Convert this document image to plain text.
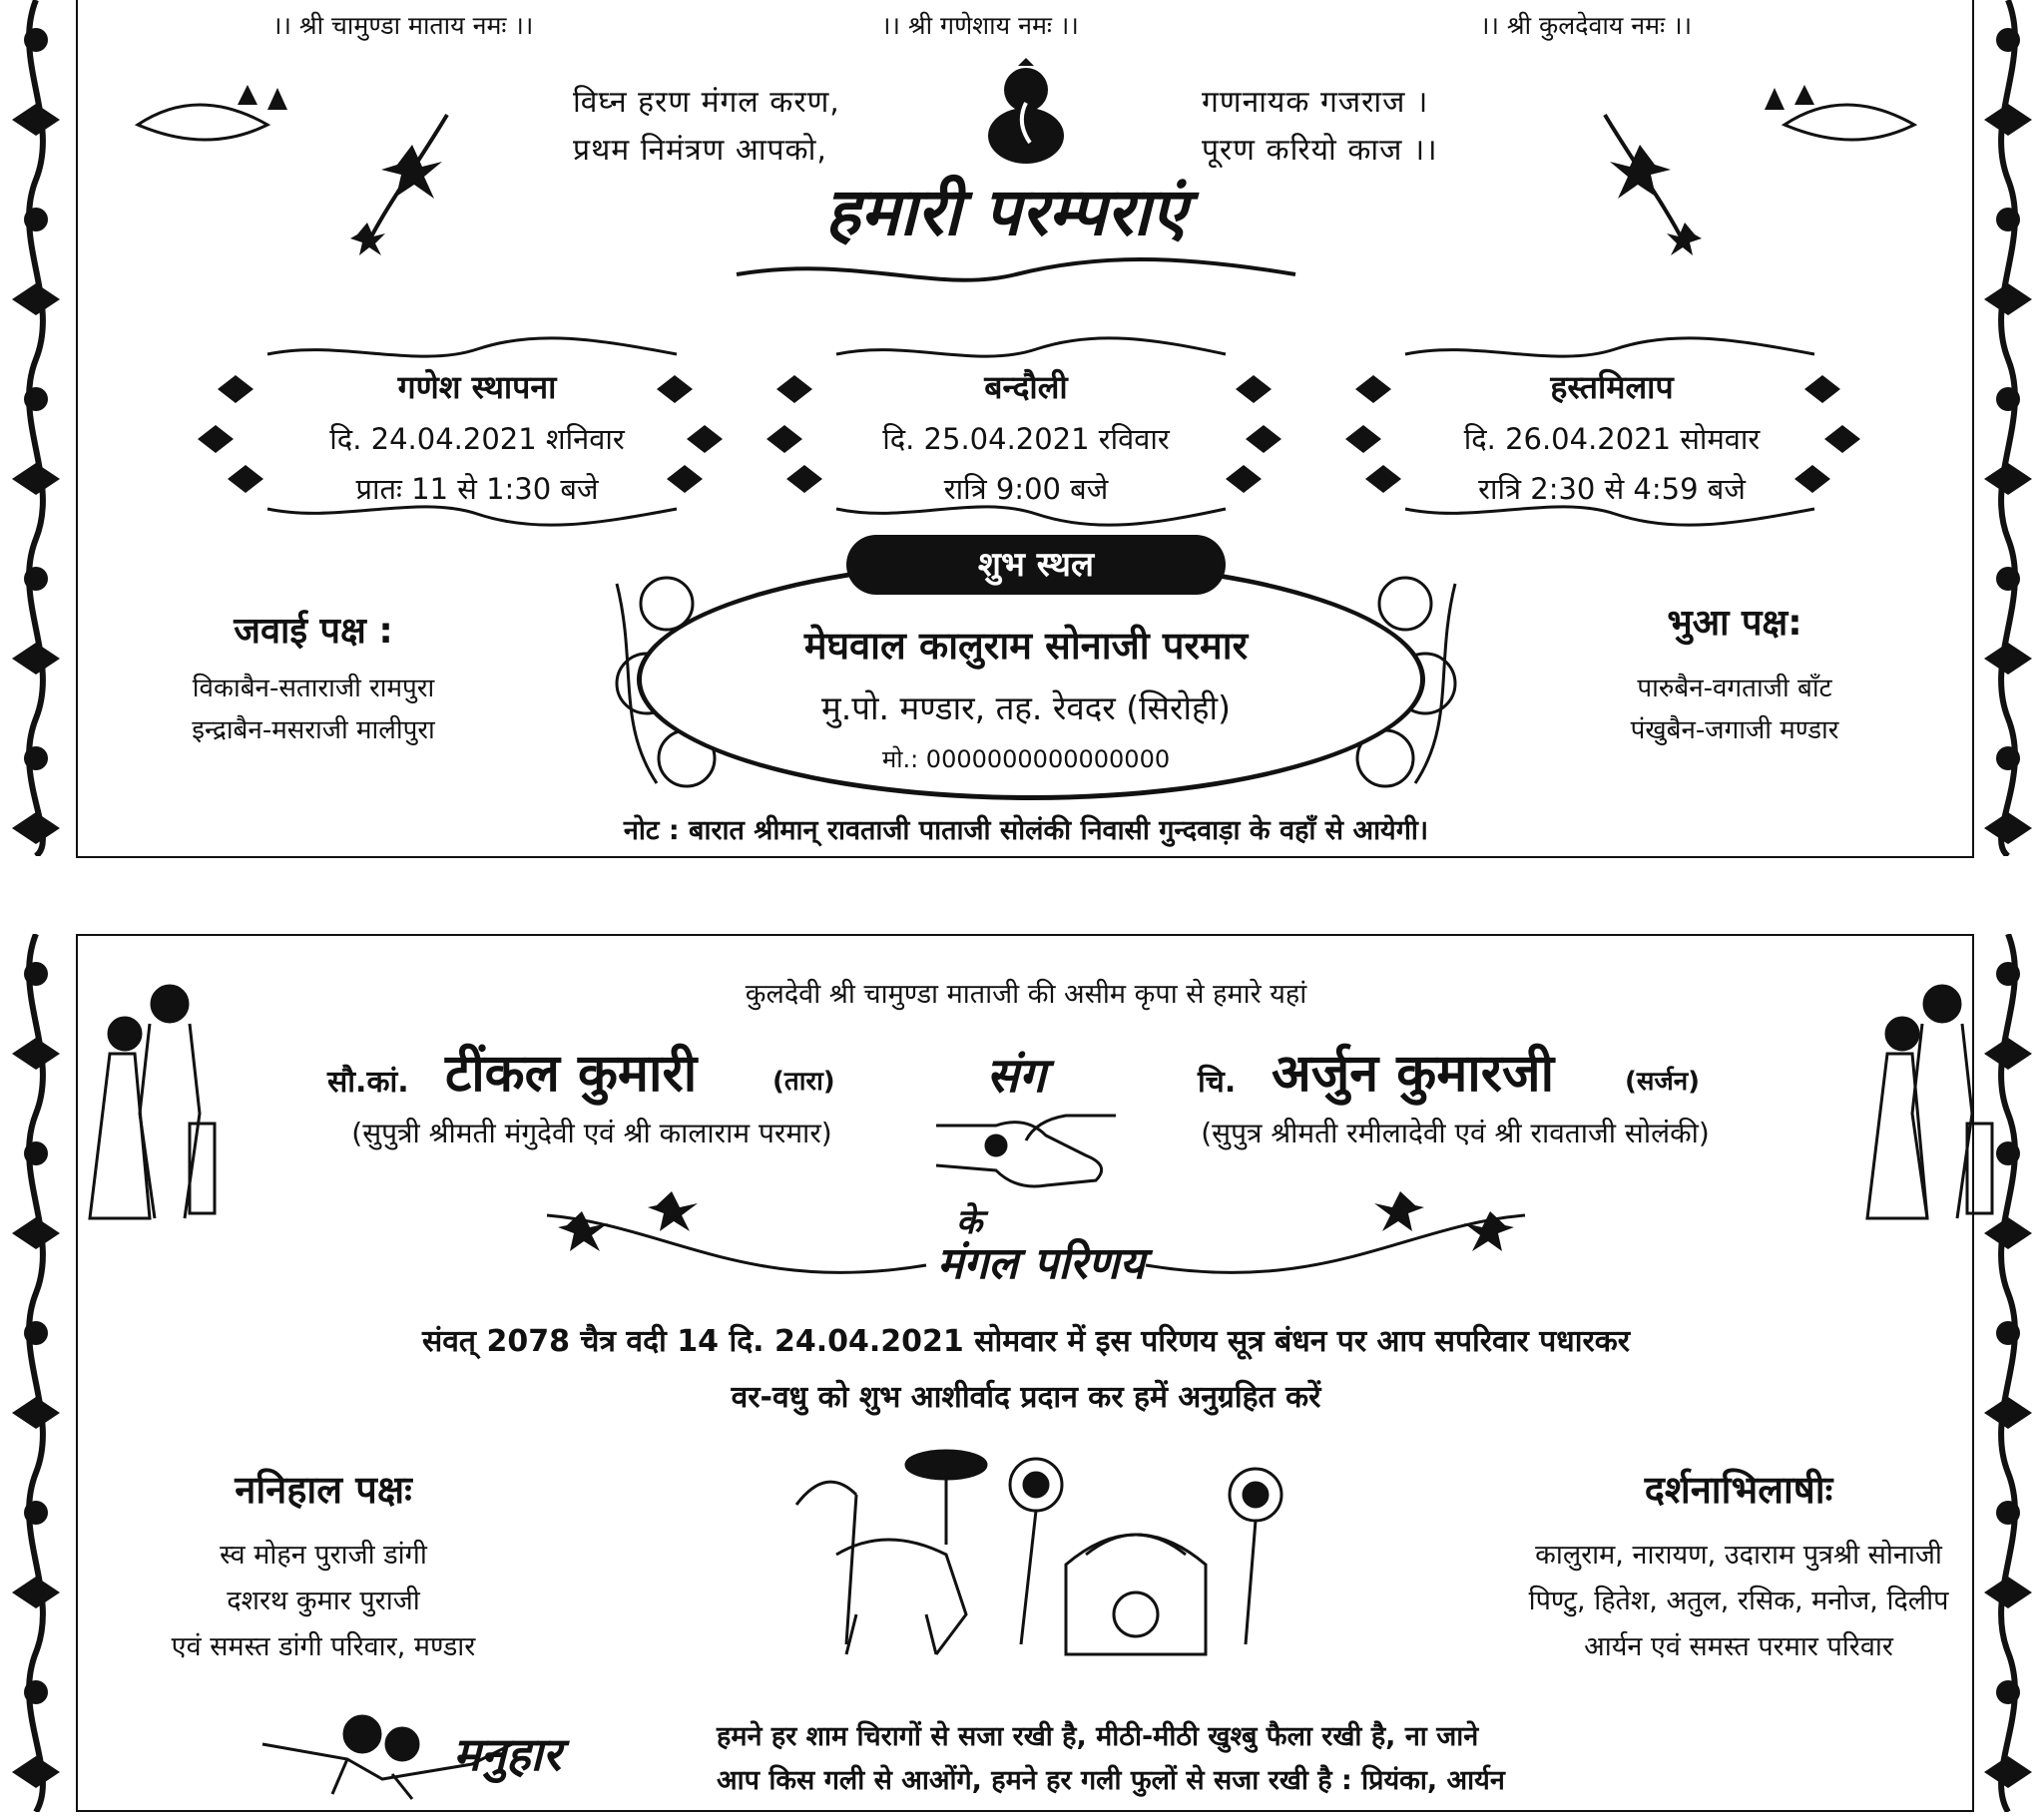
।। श्री चामुण्डा माताय नमः ।।	।। श्री गणेशाय नमः ।।	।। श्री कुलदेवाय नमः ।।
विघ्न हरण मंगल करण,
प्रथम निमंत्रण आपको,
गणनायक गजराज ।
पूरण करियो काज ।।
हमारी परम्पराएं
गणेश स्थापना
दि. 24.04.2021 शनिवार
प्रातः 11 से 1:30 बजे
बन्दौली
दि. 25.04.2021 रविवार
रात्रि 9:00 बजे
हस्तमिलाप
दि. 26.04.2021 सोमवार
रात्रि 2:30 से 4:59 बजे
शुभ स्थल
मेघवाल कालुराम सोनाजी परमार
मु.पो. मण्डार, तह. रेवदर (सिरोही)
मो.: 0000000000000000
जवाई पक्ष :
विकाबैन-सताराजी रामपुरा
इन्द्राबैन-मसराजी मालीपुरा
भुआ पक्ष:
पारुबैन-वगताजी बाँट
पंखुबैन-जगाजी मण्डार
नोट : बारात श्रीमान् रावताजी पाताजी सोलंकी निवासी गुन्दवाड़ा के वहाँ से आयेगी।
कुलदेवी श्री चामुण्डा माताजी की असीम कृपा से हमारे यहां
सौ.कां. टींकल कुमारी	(तारा)
(सुपुत्री श्रीमती मंगुदेवी एवं श्री कालाराम परमार)
संग	चि. अर्जुन कुमारजी	(सर्जन)
(सुपुत्र श्रीमती रमीलादेवी एवं श्री रावताजी सोलंकी)
के
मंगल परिणय
संवत् 2078 चैत्र वदी 14 दि. 24.04.2021 सोमवार में इस परिणय सूत्र बंधन पर आप सपरिवार पधारकर
वर-वधु को शुभ आशीर्वाद प्रदान कर हमें अनुग्रहित करें
ननिहाल पक्षः
स्व मोहन पुराजी डांगी
दशरथ कुमार पुराजी
एवं समस्त डांगी परिवार, मण्डार
दर्शनाभिलाषीः
कालुराम, नारायण, उदाराम पुत्रश्री सोनाजी
पिण्टु, हितेश, अतुल, रसिक, मनोज, दिलीप
आर्यन एवं समस्त परमार परिवार
मनुहार	हमने हर शाम चिरागों से सजा रखी है, मीठी-मीठी खुश्बु फैला रखी है, ना जाने
आप किस गली से आओंगे, हमने हर गली फुलों से सजा रखी है : प्रियंका, आर्यन
